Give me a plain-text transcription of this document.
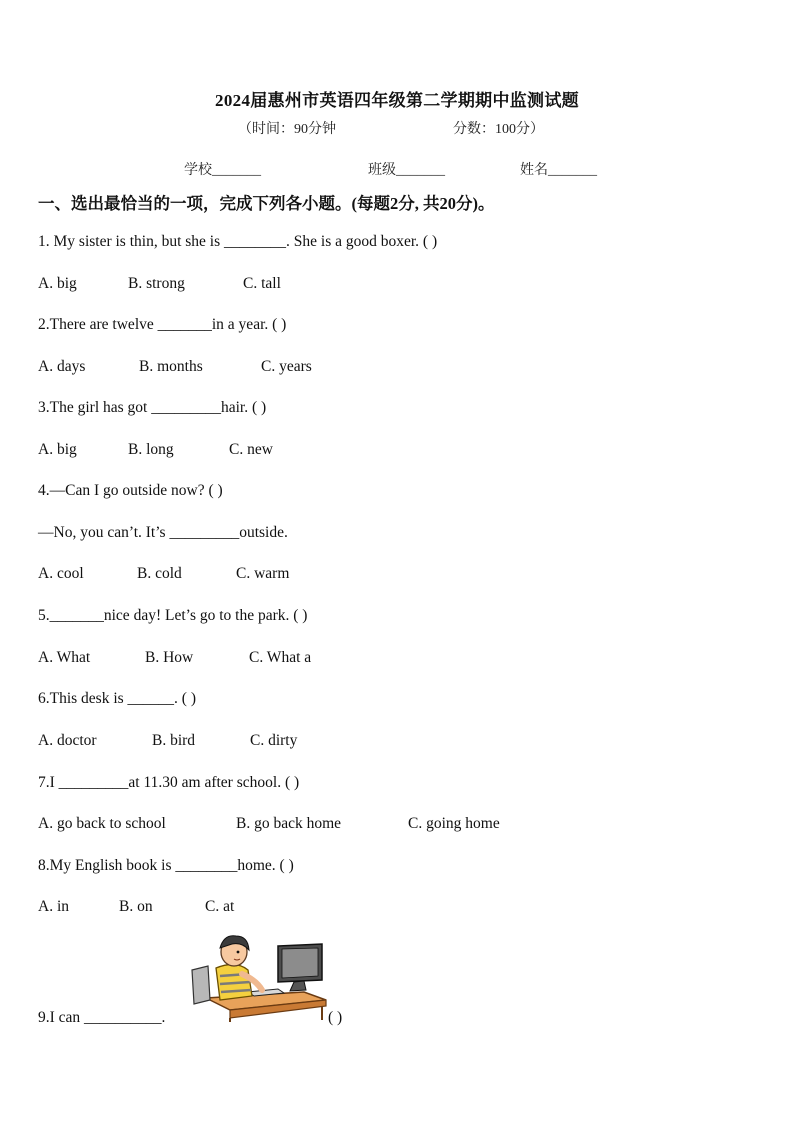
2024届惠州市英语四年级第二学期期中监测试题
（时间：90分钟	分数：100分）
学校_______	班级_______	姓名_______
一、选出最恰当的一项，完成下列各小题。(每题2分, 共20分)。
1. My sister is thin, but she is ________. She is a good boxer. ( )
A. big	B. strong	C. tall
2.There are twelve _______in a year. ( )
A. days	B. months	C. years
3.The girl has got _________hair. ( )
A. big	B. long	C. new
4.—Can I go outside now? ( )
—No, you can’t. It’s _________outside.
A. cool	B. cold	C. warm
5._______nice day! Let’s go to the park. ( )
A. What	B. How	C. What a
6.This desk is ______. ( )
A. doctor	B. bird	C. dirty
7.I _________at 11.30 am after school. ( )
A. go back to school	B. go back home	C. going home
8.My English book is ________home. ( )
A. in	B. on	C. at
9.I can __________.	( )
